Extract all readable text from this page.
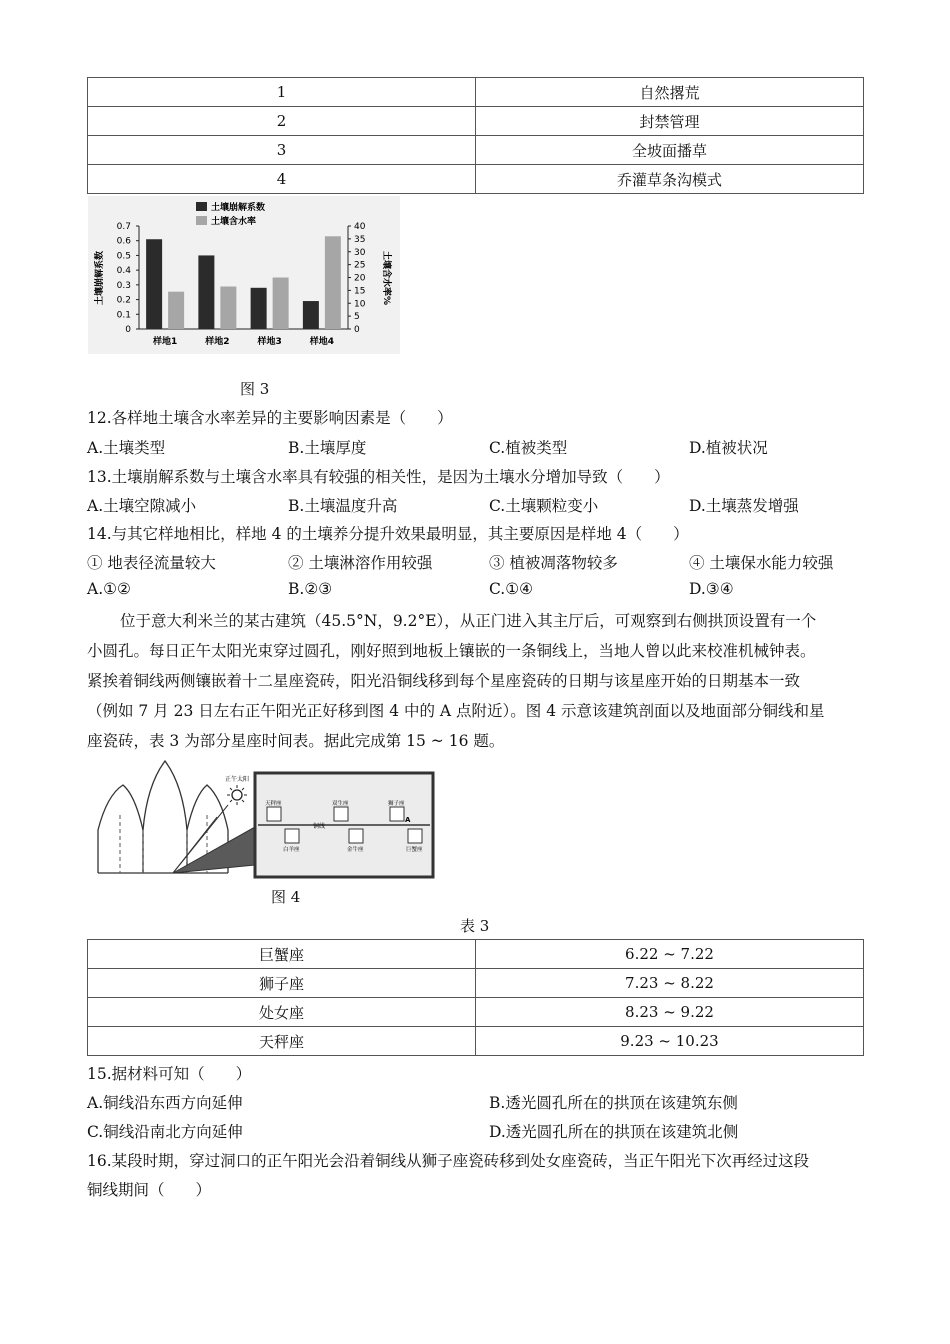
1	自然撂荒
2	封禁管理
3	全坡面播草
4	乔灌草条沟模式
土壤崩解系数
土壤含水率
土壤崩解系数	土壤含水率%
0
0.1
0.2
0.3
0.4
0.5
0.6
0.7
0
5
10
15
20
25
30
35
40
样地1	样地2	样地3	样地4
图 3
12.各样地土壤含水率差异的主要影响因素是（　　）
A.土壤类型	B.土壤厚度	C.植被类型	D.植被状况
13.土壤崩解系数与土壤含水率具有较强的相关性，是因为土壤水分增加导致（　　）
A.土壤空隙减小	B.土壤温度升高	C.土壤颗粒变小	D.土壤蒸发增强
14.与其它样地相比，样地 4 的土壤养分提升效果最明显，其主要原因是样地 4（　　）
① 地表径流量较大	② 土壤淋溶作用较强	③ 植被凋落物较多	④ 土壤保水能力较强
A.①②	B.②③	C.①④	D.③④
位于意大利米兰的某古建筑（45.5°N，9.2°E），从正门进入其主厅后，可观察到右侧拱顶设置有一个
小圆孔。每日正午太阳光束穿过圆孔，刚好照到地板上镶嵌的一条铜线上，当地人曾以此来校准机械钟表。
紧挨着铜线两侧镶嵌着十二星座瓷砖，阳光沿铜线移到每个星座瓷砖的日期与该星座开始的日期基本一致
（例如 7 月 23 日左右正午阳光正好移到图 4 中的 A 点附近）。图 4 示意该建筑剖面以及地面部分铜线和星
座瓷砖，表 3 为部分星座时间表。据此完成第 15 ~ 16 题。
正午太阳
铜线
天秤座	双生座	狮子座
白羊座	金牛座	巨蟹座
A
图 4
表 3
巨蟹座	6.22 ~ 7.22
狮子座	7.23 ~ 8.22
处女座	8.23 ~ 9.22
天秤座	9.23 ~ 10.23
15.据材料可知（　　）
A.铜线沿东西方向延伸	B.透光圆孔所在的拱顶在该建筑东侧
C.铜线沿南北方向延伸	D.透光圆孔所在的拱顶在该建筑北侧
16.某段时期，穿过洞口的正午阳光会沿着铜线从狮子座瓷砖移到处女座瓷砖，当正午阳光下次再经过这段
铜线期间（　　）
